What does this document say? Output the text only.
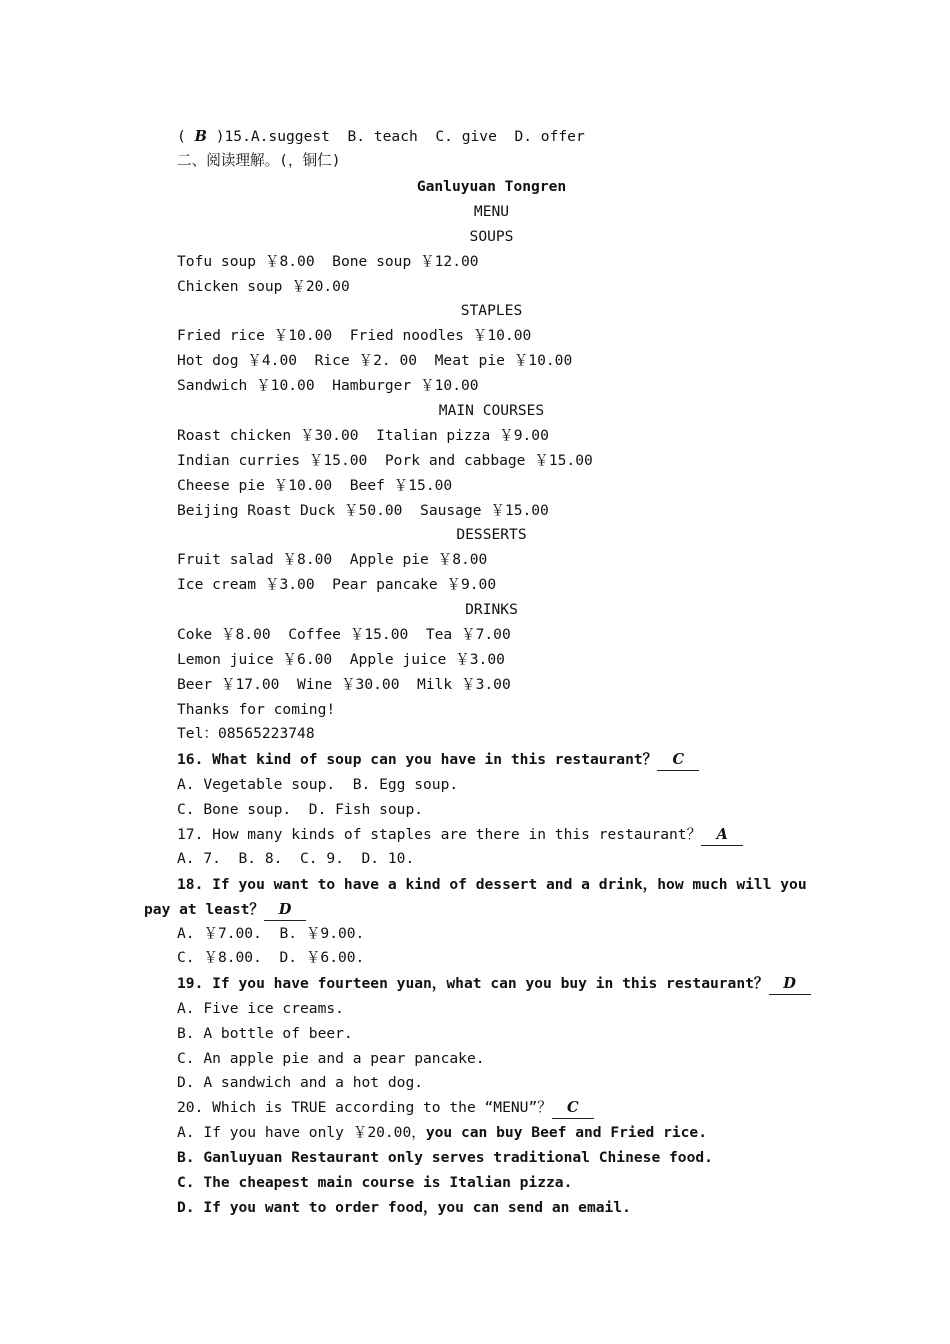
( B )15.A.suggest  B. teach  C. give  D. offer
二、阅读理解。(，铜仁)
Ganluyuan Tongren
MENU
SOUPS
Tofu soup ￥8.00  Bone soup ￥12.00
Chicken soup ￥20.00
STAPLES
Fried rice ￥10.00  Fried noodles ￥10.00
Hot dog ￥4.00  Rice ￥2. 00  Meat pie ￥10.00
Sandwich ￥10.00  Hamburger ￥10.00
MAIN COURSES
Roast chicken ￥30.00  Italian pizza ￥9.00
Indian curries ￥15.00  Pork and cabbage ￥15.00
Cheese pie ￥10.00  Beef ￥15.00
Beijing Roast Duck ￥50.00  Sausage ￥15.00
DESSERTS
Fruit salad ￥8.00  Apple pie ￥8.00
Ice cream ￥3.00  Pear pancake ￥9.00
DRINKS
Coke ￥8.00  Coffee ￥15.00  Tea ￥7.00
Lemon juice ￥6.00  Apple juice ￥3.00
Beer ￥17.00  Wine ￥30.00  Milk ￥3.00
Thanks for coming!
Tel：08565223748
16. What kind of soup can you have in this restaurant？ C
A. Vegetable soup.  B. Egg soup.
C. Bone soup.  D. Fish soup.
17. How many kinds of staples are there in this restaurant？ A
A. 7.  B. 8.  C. 9.  D. 10.
18. If you want to have a kind of dessert and a drink，how much will you
pay at least？ D
A. ￥7.00.  B. ￥9.00.
C. ￥8.00.  D. ￥6.00.
19. If you have fourteen yuan，what can you buy in this restaurant？ D
A. Five ice creams.
B. A bottle of beer.
C. An apple pie and a pear pancake.
D. A sandwich and a hot dog.
20. Which is TRUE according to the “MENU”？ C
A. If you have only ￥20.00，you can buy Beef and Fried rice.
B. Ganluyuan Restaurant only serves traditional Chinese food.
C. The cheapest main course is Italian pizza.
D. If you want to order food，you can send an email.
